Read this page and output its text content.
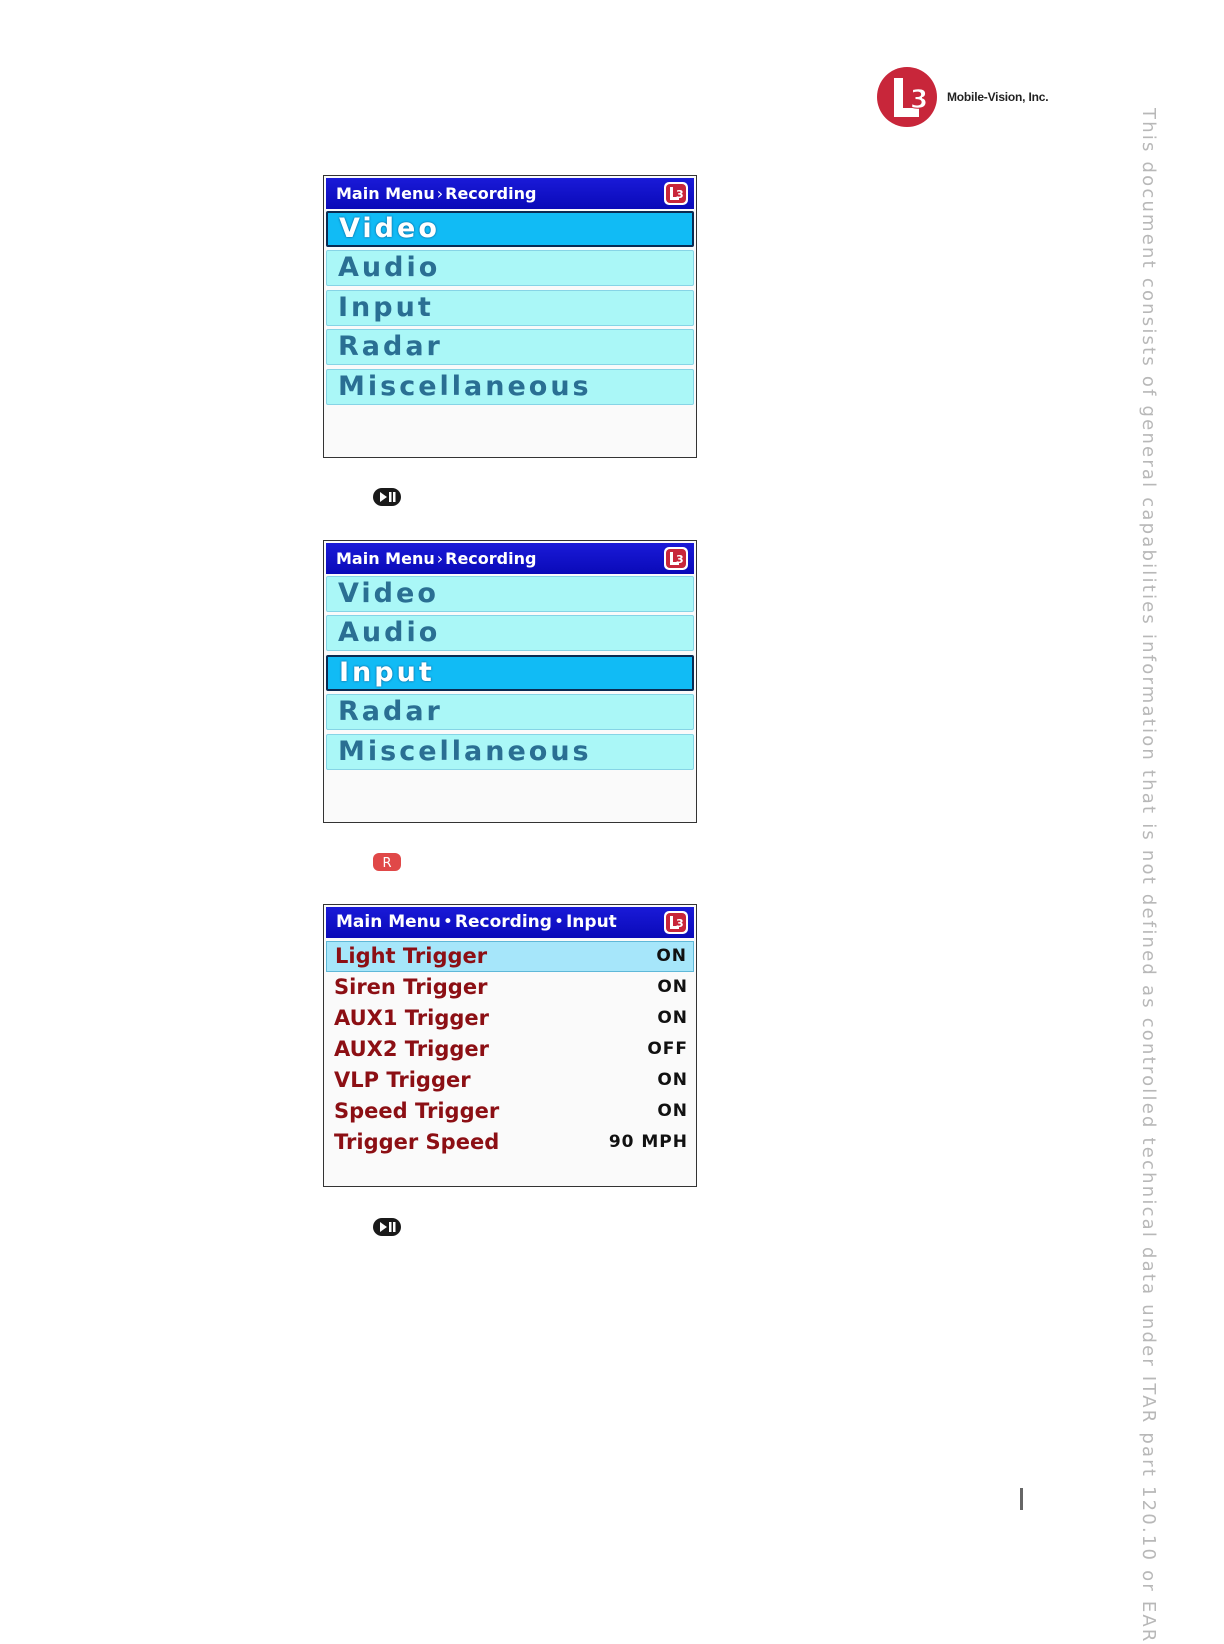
3 Mobile-Vision, Inc.
This document consists of general capabilities information that is not defined as controlled technical data under ITAR part 120.10 or EAR
Main Menu › Recording	3
Video
Audio
Input
Radar
Miscellaneous
Main Menu › Recording	3
Video
Audio
Input
Radar
Miscellaneous
R
Main Menu • Recording • Input	3
Light Trigger	ON
Siren Trigger	ON
AUX1 Trigger	ON
AUX2 Trigger	OFF
VLP Trigger	ON
Speed Trigger	ON
Trigger Speed	90 MPH
